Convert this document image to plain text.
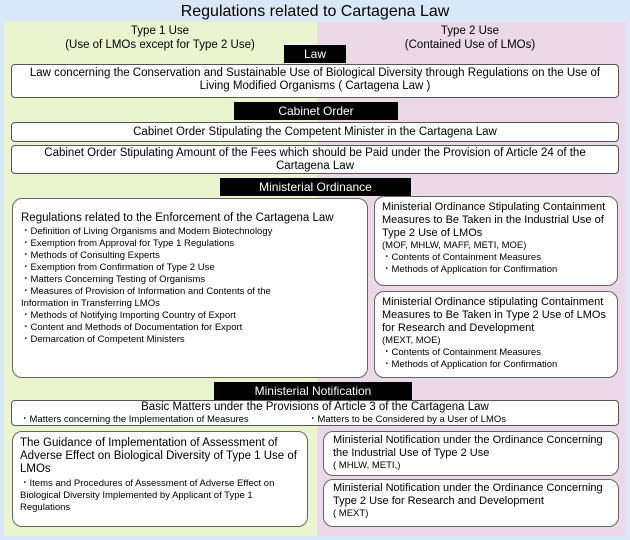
Regulations related to Cartagena Law
Type 1 Use
(Use of LMOs except for Type 2 Use)
Type 2 Use
(Contained Use of LMOs)
Law
Law concerning the Conservation and Sustainable Use of Biological Diversity through Regulations on the Use of Living Modified Organisms ( Cartagena Law )
Cabinet Order
Cabinet Order Stipulating the Competent Minister in the Cartagena Law
Cabinet Order Stipulating Amount of the Fees which should be Paid under the Provision of Article 24 of the Cartagena Law
Ministerial Ordinance
Regulations related to the Enforcement of the Cartagena Law
・ Definition of Living Organisms and Modern Biotechnology
・ Exemption from Approval for Type 1 Regulations
・ Methods of Consulting Experts
・ Exemption from Confirmation of Type 2 Use
・ Matters Concerning Testing of Organisms
・ Measures of Provision of Information and Contents of the Information in Transferring LMOs
・ Methods of Notifying Importing Country of Export
・ Content and Methods of Documentation for Export
・ Demarcation of Competent Ministers
Ministerial Ordinance Stipulating Containment Measures to Be Taken in the Industrial Use of Type 2 Use of LMOs
(MOF, MHLW, MAFF, METI, MOE)
・ Contents of Containment Measures
・ Methods of Application for Confirmation
Ministerial Ordinance stipulating Containment Measures to Be Taken in Type 2 Use of LMOs for Research and Development
(MEXT, MOE)
・ Contents of Containment Measures
・ Methods of Application for Confirmation
Ministerial Notification
Basic Matters under the Provisions of Article 3 of the Cartagena Law
・Matters concerning the Implementation of Measures	・Matters to be Considered by a User of LMOs
The Guidance of Implementation of Assessment of Adverse Effect on Biological Diversity of Type 1 Use of LMOs
・ Items and Procedures of Assessment of Adverse Effect on Biological Diversity Implemented by Applicant of Type 1 Regulations
Ministerial Notification under the Ordinance Concerning the Industrial Use of Type 2 Use
( MHLW, METI,)
Ministerial Notification under the Ordinance Concerning Type 2 Use for Research and Development
( MEXT)
